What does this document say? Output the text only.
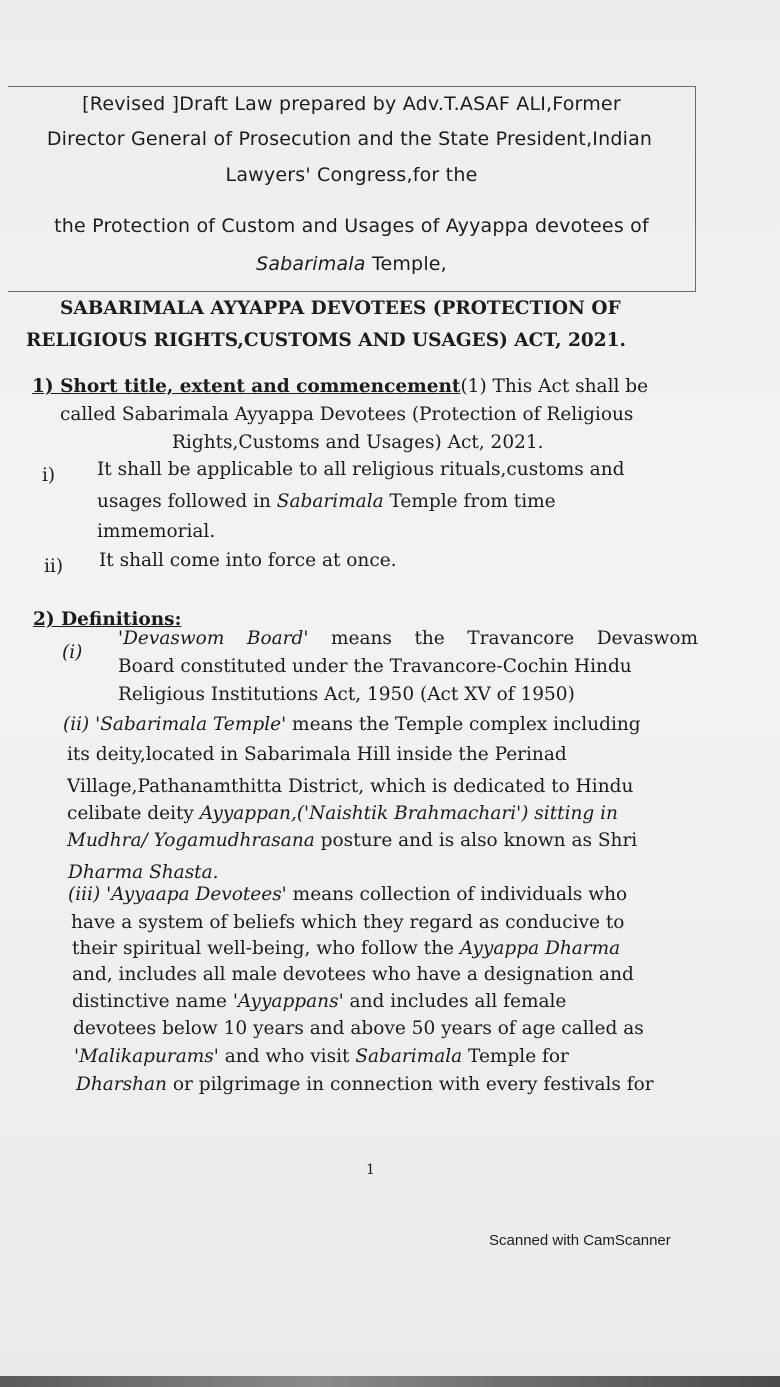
[Revised ]Draft Law prepared by Adv.T.ASAF ALI,Former
Director General of Prosecution and the State President,Indian
Lawyers' Congress,for the
the Protection of Custom and Usages of Ayyappa devotees of
Sabarimala Temple,
SABARIMALA AYYAPPA DEVOTEES (PROTECTION OF
RELIGIOUS RIGHTS,CUSTOMS AND USAGES) ACT, 2021.
1) Short title, extent and commencement(1) This Act shall be
called Sabarimala Ayyappa Devotees (Protection of Religious
Rights,Customs and Usages) Act, 2021.
i) It shall be applicable to all religious rituals,customs and
usages followed in Sabarimala Temple from time
immemorial.
ii) It shall come into force at once.
2) Definitions:
(i)
'Devaswom Board' means the Travancore Devaswom
Board constituted under the Travancore-Cochin Hindu
Religious Institutions Act, 1950 (Act XV of 1950)
(ii) 'Sabarimala Temple' means the Temple complex including
its deity,located in Sabarimala Hill inside the Perinad
Village,Pathanamthitta District, which is dedicated to Hindu
celibate deity Ayyappan,('Naishtik Brahmachari') sitting in
Mudhra/ Yogamudhrasana posture and is also known as Shri
Dharma Shasta.
(iii) 'Ayyaapa Devotees' means collection of individuals who
have a system of beliefs which they regard as conducive to
their spiritual well-being, who follow the Ayyappa Dharma
and, includes all male devotees who have a designation and
distinctive name 'Ayyappans' and includes all female
devotees below 10 years and above 50 years of age called as
'Malikapurams' and who visit Sabarimala Temple for
Dharshan or pilgrimage in connection with every festivals for
1
Scanned with CamScanner
